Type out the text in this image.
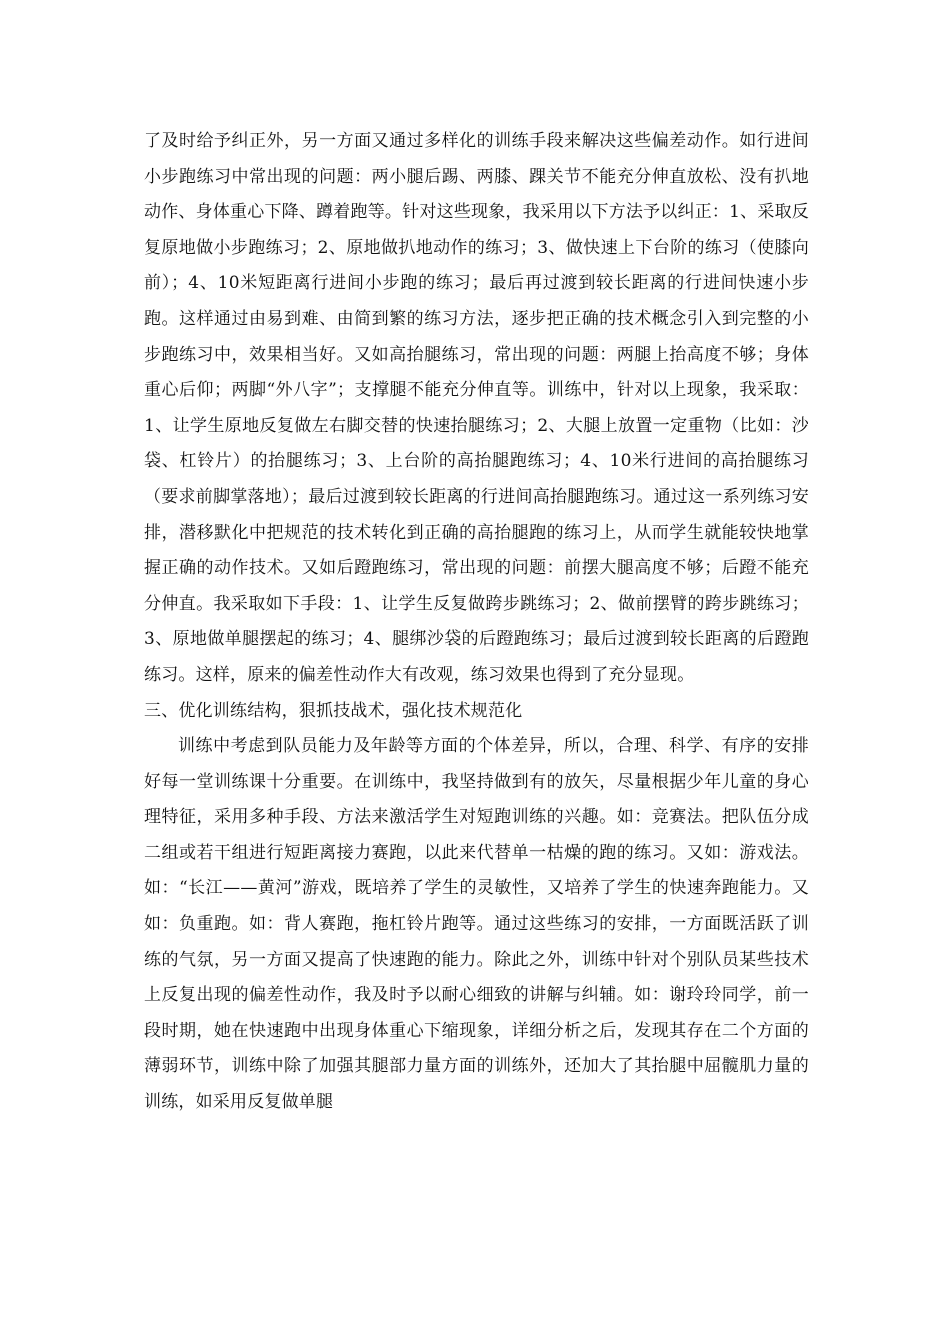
了及时给予纠正外，另一方面又通过多样化的训练手段来解决这些偏差动作。如行进间小步跑练习中常出现的问题：两小腿后踢、两膝、踝关节不能充分伸直放松、没有扒地动作、身体重心下降、蹲着跑等。针对这些现象，我采用以下方法予以纠正：1、采取反复原地做小步跑练习；2、原地做扒地动作的练习；3、做快速上下台阶的练习（使膝向前）；4、10米短距离行进间小步跑的练习；最后再过渡到较长距离的行进间快速小步跑。这样通过由易到难、由简到繁的练习方法，逐步把正确的技术概念引入到完整的小步跑练习中，效果相当好。又如高抬腿练习，常出现的问题：两腿上抬高度不够；身体重心后仰；两脚“外八字”；支撑腿不能充分伸直等。训练中，针对以上现象，我采取：1、让学生原地反复做左右脚交替的快速抬腿练习；2、大腿上放置一定重物（比如：沙袋、杠铃片）的抬腿练习；3、上台阶的高抬腿跑练习；4、10米行进间的高抬腿练习（要求前脚掌落地）；最后过渡到较长距离的行进间高抬腿跑练习。通过这一系列练习安排，潜移默化中把规范的技术转化到正确的高抬腿跑的练习上，从而学生就能较快地掌握正确的动作技术。又如后蹬跑练习，常出现的问题：前摆大腿高度不够；后蹬不能充分伸直。我采取如下手段：1、让学生反复做跨步跳练习；2、做前摆臂的跨步跳练习；3、原地做单腿摆起的练习；4、腿绑沙袋的后蹬跑练习；最后过渡到较长距离的后蹬跑练习。这样，原来的偏差性动作大有改观，练习效果也得到了充分显现。

三、优化训练结构，狠抓技战术，强化技术规范化

训练中考虑到队员能力及年龄等方面的个体差异，所以，合理、科学、有序的安排好每一堂训练课十分重要。在训练中，我坚持做到有的放矢，尽量根据少年儿童的身心理特征，采用多种手段、方法来激活学生对短跑训练的兴趣。如：竞赛法。把队伍分成二组或若干组进行短距离接力赛跑，以此来代替单一枯燥的跑的练习。又如：游戏法。如：“长江——黄河”游戏，既培养了学生的灵敏性，又培养了学生的快速奔跑能力。又如：负重跑。如：背人赛跑，拖杠铃片跑等。通过这些练习的安排，一方面既活跃了训练的气氛，另一方面又提高了快速跑的能力。除此之外，训练中针对个别队员某些技术上反复出现的偏差性动作，我及时予以耐心细致的讲解与纠辅。如：谢玲玲同学，前一段时期，她在快速跑中出现身体重心下缩现象，详细分析之后，发现其存在二个方面的薄弱环节，训练中除了加强其腿部力量方面的训练外，还加大了其抬腿中屈髋肌力量的训练，如采用反复做单腿
